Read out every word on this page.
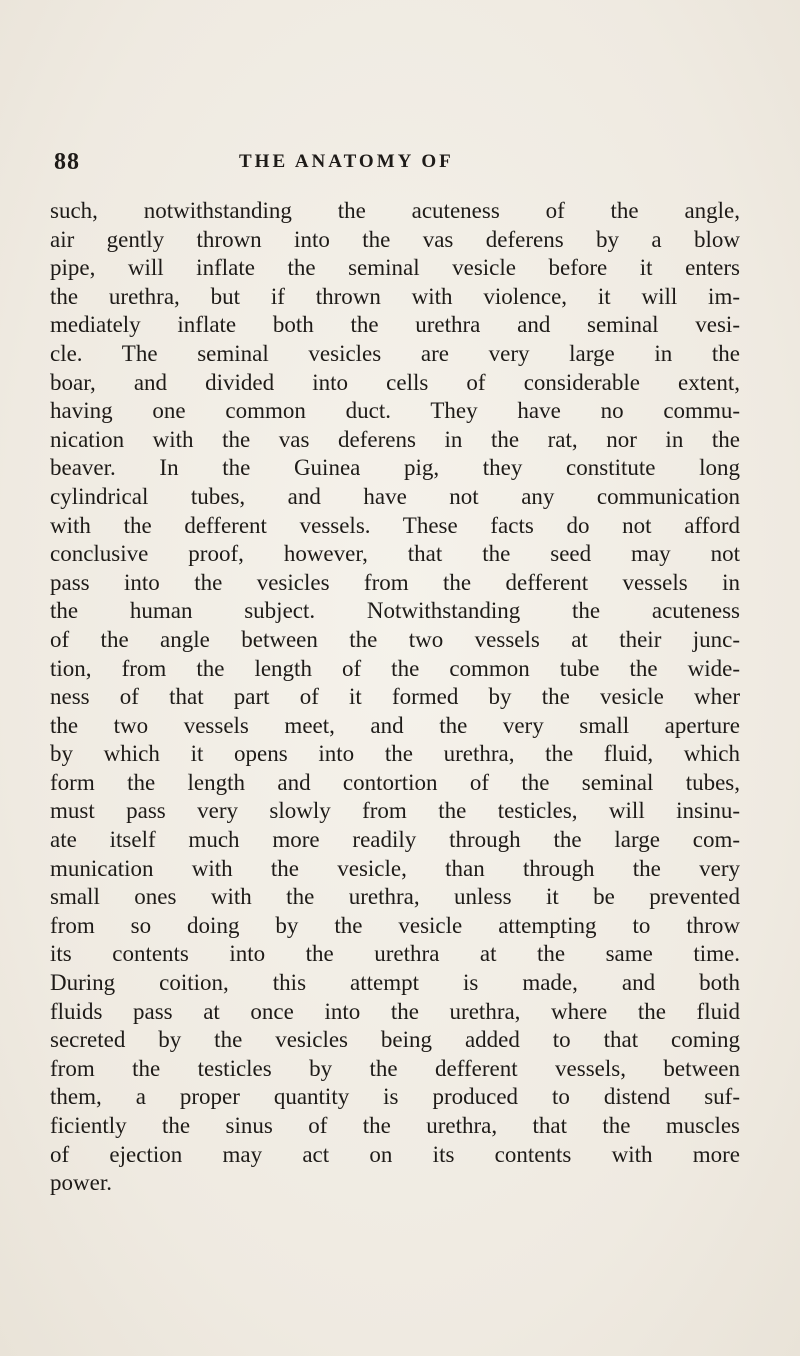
88	THE ANATOMY OF
such, notwithstanding the acuteness of the angle,
air gently thrown into the vas deferens by a blow
pipe, will inflate the seminal vesicle before it enters
the urethra, but if thrown with violence, it will im-
mediately inflate both the urethra and seminal vesi-
cle. The seminal vesicles are very large in the
boar, and divided into cells of considerable extent,
having one common duct. They have no commu-
nication with the vas deferens in the rat, nor in the
beaver. In the Guinea pig, they constitute long
cylindrical tubes, and have not any communication
with the defferent vessels. These facts do not afford
conclusive proof, however, that the seed may not
pass into the vesicles from the defferent vessels in
the human subject. Notwithstanding the acuteness
of the angle between the two vessels at their junc-
tion, from the length of the common tube the wide-
ness of that part of it formed by the vesicle wher
the two vessels meet, and the very small aperture
by which it opens into the urethra, the fluid, which
form the length and contortion of the seminal tubes,
must pass very slowly from the testicles, will insinu-
ate itself much more readily through the large com-
munication with the vesicle, than through the very
small ones with the urethra, unless it be prevented
from so doing by the vesicle attempting to throw
its contents into the urethra at the same time.
During coition, this attempt is made, and both
fluids pass at once into the urethra, where the fluid
secreted by the vesicles being added to that coming
from the testicles by the defferent vessels, between
them, a proper quantity is produced to distend suf-
ficiently the sinus of the urethra, that the muscles
of ejection may act on its contents with more
power.
